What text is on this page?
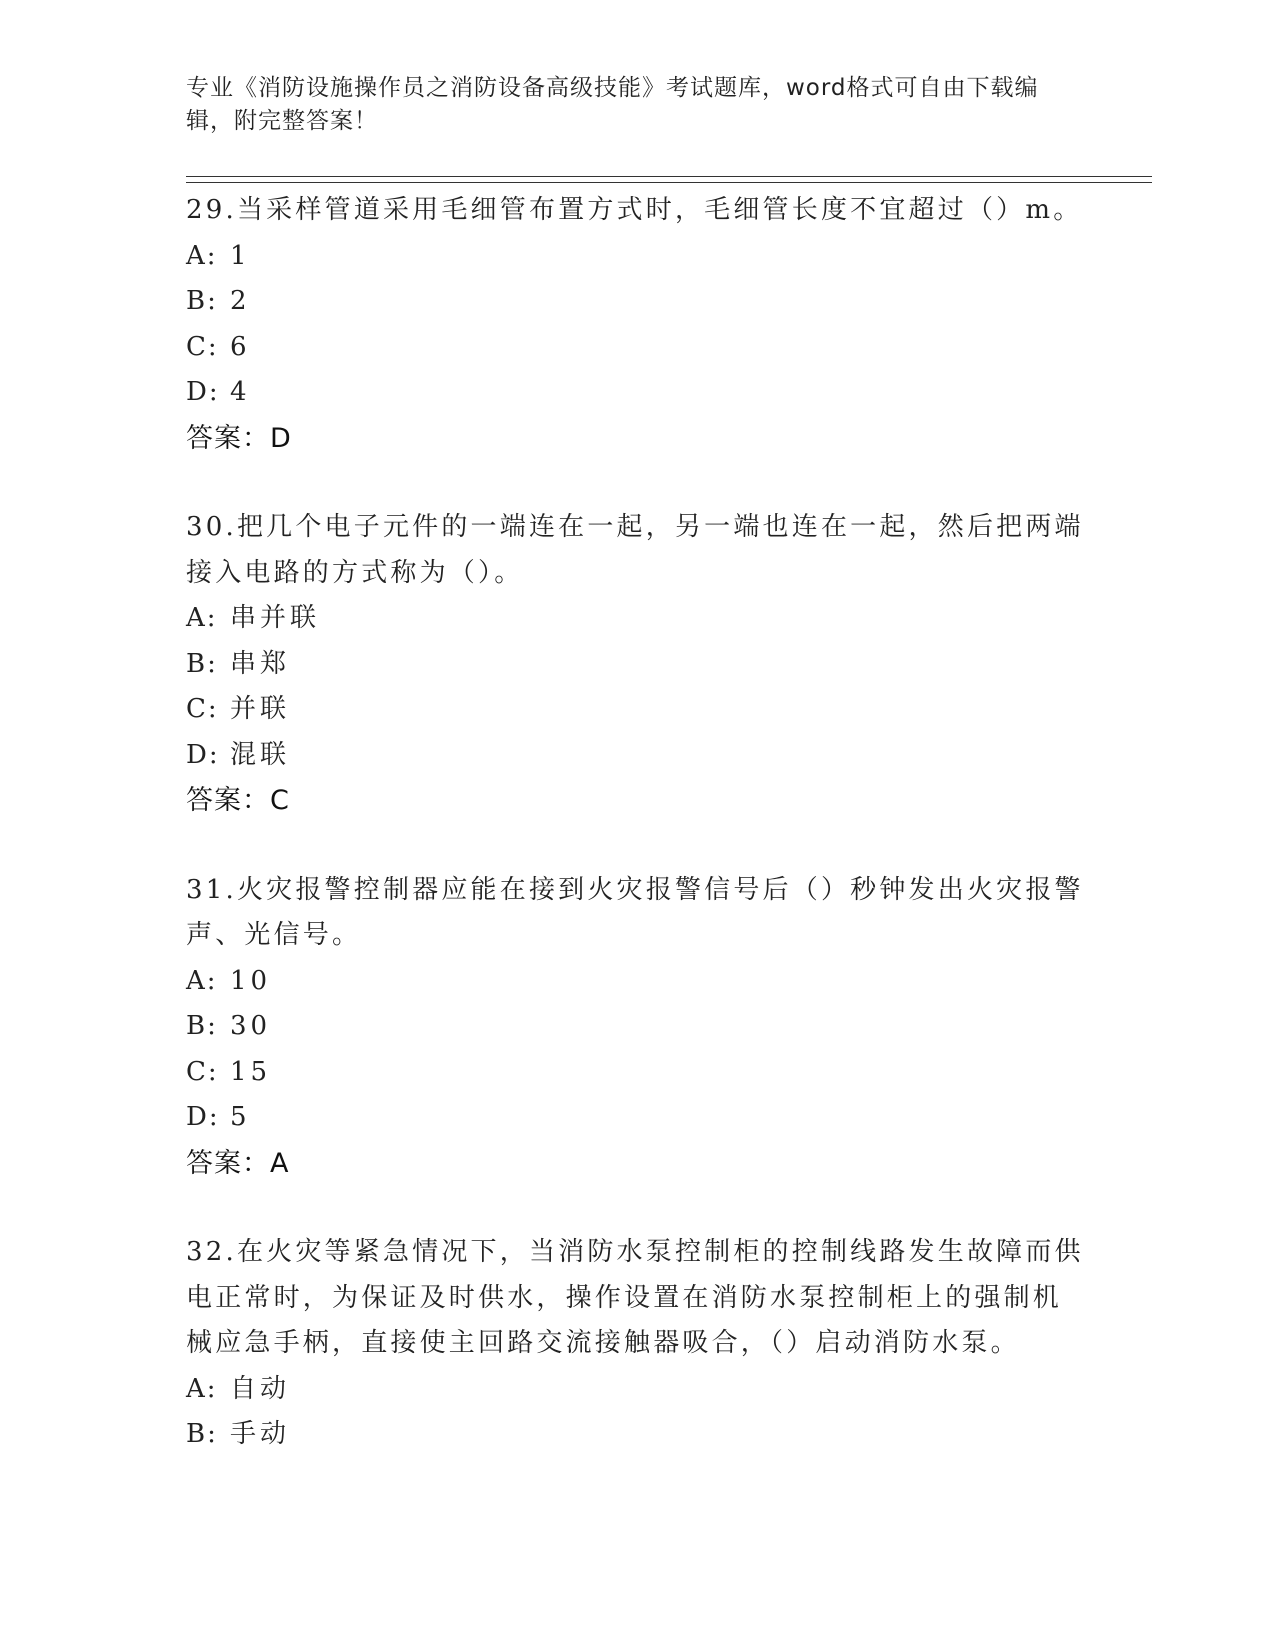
专业《消防设施操作员之消防设备高级技能》考试题库，word格式可自由下载编
辑，附完整答案！

29.当采样管道采用毛细管布置方式时，毛细管长度不宜超过（）m。

A: 1

B: 2

C: 6

D: 4

答案：D

30.把几个电子元件的一端连在一起，另一端也连在一起，然后把两端

接入电路的方式称为（）。

A: 串并联

B: 串郑

C: 并联

D: 混联

答案：C

31.火灾报警控制器应能在接到火灾报警信号后（）秒钟发出火灾报警

声、光信号。

A: 10

B: 30

C: 15

D: 5

答案：A

32.在火灾等紧急情况下，当消防水泵控制柜的控制线路发生故障而供

电正常时，为保证及时供水，操作设置在消防水泵控制柜上的强制机

械应急手柄，直接使主回路交流接触器吸合，（）启动消防水泵。

A: 自动

B: 手动
